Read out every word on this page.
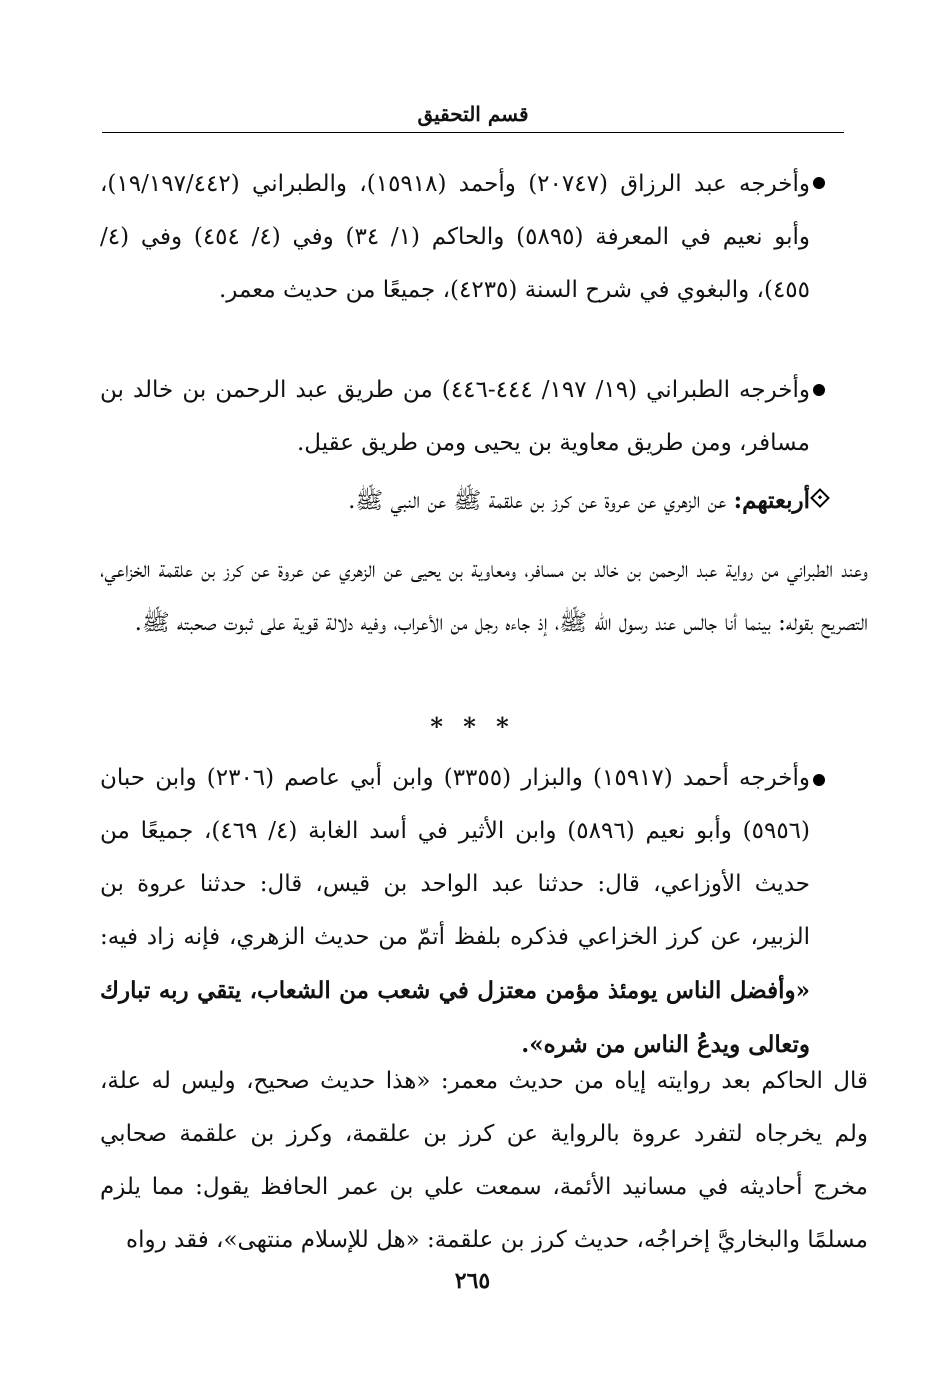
قسم التحقيق
وأخرجه عبد الرزاق (٢٠٧٤٧) وأحمد (١٥٩١٨)، والطبراني (١٩/١٩٧/٤٤٢)، وأبو نعيم في المعرفة (٥٨٩٥) والحاكم (١/ ٣٤) وفي (٤/ ٤٥٤) وفي (٤/ ٤٥٥)، والبغوي في شرح السنة (٤٢٣٥)، جميعًا من حديث معمر.
وأخرجه الطبراني (١٩/ ١٩٧/ ٤٤٤-٤٤٦) من طريق عبد الرحمن بن خالد بن مسافر، ومن طريق معاوية بن يحيى ومن طريق عقيل.
أربعتهم: عن الزهري عن عروة عن كرز بن علقمة ﷺ عن النبي ﷺ.
وعند الطبراني من رواية عبد الرحمن بن خالد بن مسافر، ومعاوية بن يحيى عن الزهري عن عروة عن كرز بن علقمة الخزاعي، التصريح بقوله: بينما أنا جالس عند رسول الله ﷺ، إذ جاءه رجل من الأعراب، وفيه دلالة قوية على ثبوت صحبته ﷺ.
* * *
وأخرجه أحمد (١٥٩١٧) والبزار (٣٣٥٥) وابن أبي عاصم (٢٣٠٦) وابن حبان (٥٩٥٦) وأبو نعيم (٥٨٩٦) وابن الأثير في أسد الغابة (٤/ ٤٦٩)، جميعًا من حديث الأوزاعي، قال: حدثنا عبد الواحد بن قيس، قال: حدثنا عروة بن الزبير، عن كرز الخزاعي فذكره بلفظ أتمّ من حديث الزهري، فإنه زاد فيه: «وأفضل الناس يومئذ مؤمن معتزل في شعب من الشعاب، يتقي ربه تبارك وتعالى ويدعُ الناس من شره».
قال الحاكم بعد روايته إياه من حديث معمر: «هذا حديث صحيح، وليس له علة، ولم يخرجاه لتفرد عروة بالرواية عن كرز بن علقمة، وكرز بن علقمة صحابي مخرج أحاديثه في مسانيد الأئمة، سمعت علي بن عمر الحافظ يقول: مما يلزم مسلمًا والبخاريَّ إخراجُه، حديث كرز بن علقمة: «هل للإسلام منتهى»، فقد رواه
٢٦٥
